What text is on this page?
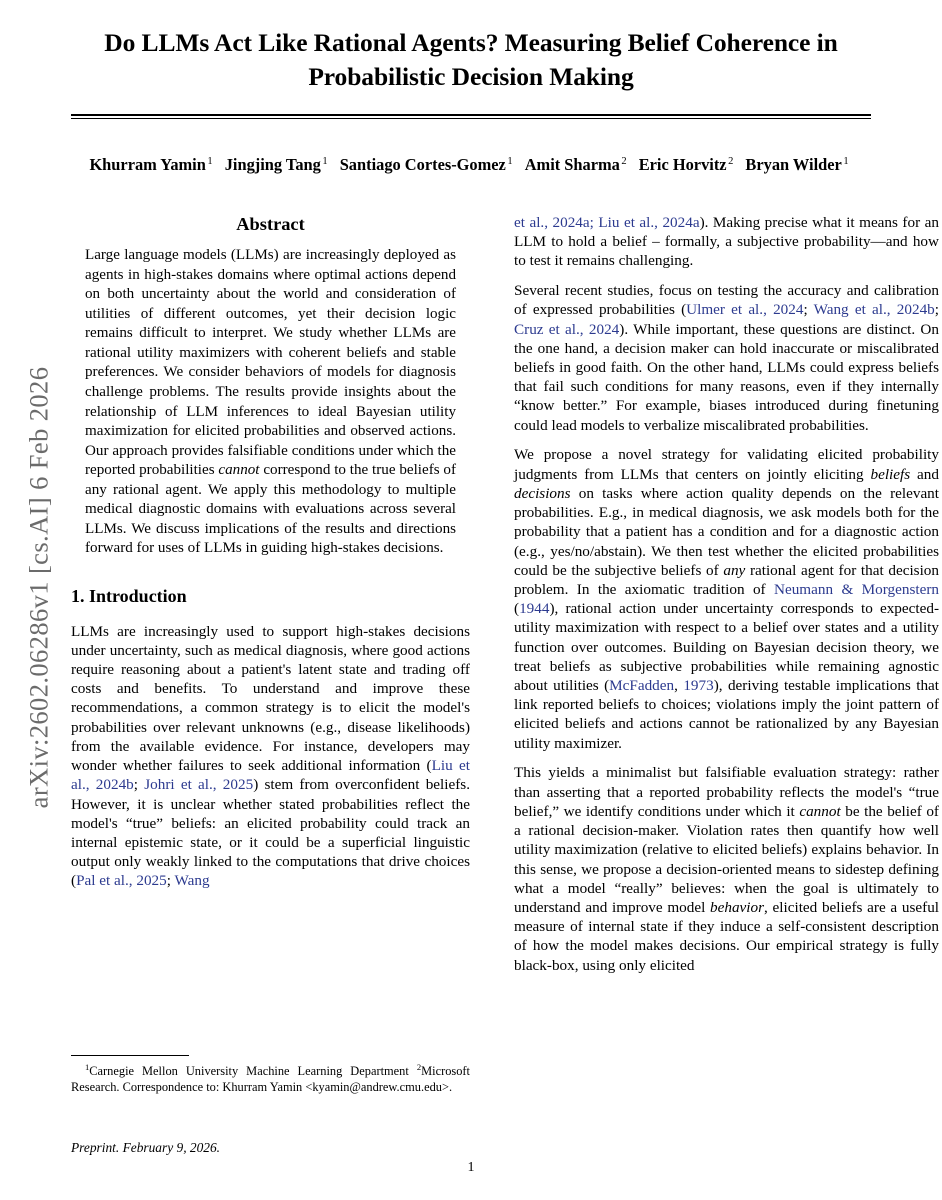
arXiv:2602.06286v1 [cs.AI] 6 Feb 2026
Do LLMs Act Like Rational Agents? Measuring Belief Coherence in Probabilistic Decision Making
Khurram Yamin $^1$ Jingjing Tang $^1$ Santiago Cortes-Gomez $^1$ Amit Sharma $^2$ Eric Horvitz $^2$ Bryan Wilder $^1$
Abstract

Large language models (LLMs) are increasingly deployed as agents in high-stakes domains where optimal actions depend on both uncertainty about the world and consideration of utilities of different outcomes, yet their decision logic remains difficult to interpret. We study whether LLMs are rational utility maximizers with coherent beliefs and stable preferences. We consider behaviors of models for diagnosis challenge problems. The results provide insights about the relationship of LLM inferences to ideal Bayesian utility maximization for elicited probabilities and observed actions. Our approach provides falsifiable conditions under which the reported probabilities cannot correspond to the true beliefs of any rational agent. We apply this methodology to multiple medical diagnostic domains with evaluations across several LLMs. We discuss implications of the results and directions forward for uses of LLMs in guiding high-stakes decisions.

1. Introduction

LLMs are increasingly used to support high-stakes decisions under uncertainty, such as medical diagnosis, where good actions require reasoning about a patient's latent state and trading off costs and benefits. To understand and improve these recommendations, a common strategy is to elicit the model's probabilities over relevant unknowns (e.g., disease likelihoods) from the available evidence. For instance, developers may wonder whether failures to seek additional information (Liu et al., 2024b; Johri et al., 2025) stem from overconfident beliefs. However, it is unclear whether stated probabilities reflect the model's “true” beliefs: an elicited probability could track an internal epistemic state, or it could be a superficial linguistic output only weakly linked to the computations that drive choices (Pal et al., 2025; Wang

et al., 2024a; Liu et al., 2024a). Making precise what it means for an LLM to hold a belief – formally, a subjective probability—and how to test it remains challenging.

Several recent studies, focus on testing the accuracy and calibration of expressed probabilities (Ulmer et al., 2024; Wang et al., 2024b; Cruz et al., 2024). While important, these questions are distinct. On the one hand, a decision maker can hold inaccurate or miscalibrated beliefs in good faith. On the other hand, LLMs could express beliefs that fail such conditions for many reasons, even if they internally “know better.” For example, biases introduced during finetuning could lead models to verbalize miscalibrated probabilities.

We propose a novel strategy for validating elicited probability judgments from LLMs that centers on jointly eliciting beliefs and decisions on tasks where action quality depends on the relevant probabilities. E.g., in medical diagnosis, we ask models both for the probability that a patient has a condition and for a diagnostic action (e.g., yes/no/abstain). We then test whether the elicited probabilities could be the subjective beliefs of any rational agent for that decision problem. In the axiomatic tradition of Neumann & Morgenstern (1944), rational action under uncertainty corresponds to expected-utility maximization with respect to a belief over states and a utility function over outcomes. Building on Bayesian decision theory, we treat beliefs as subjective probabilities while remaining agnostic about utilities (McFadden, 1973), deriving testable implications that link reported beliefs to choices; violations imply the joint pattern of elicited beliefs and actions cannot be rationalized by any Bayesian utility maximizer.

This yields a minimalist but falsifiable evaluation strategy: rather than asserting that a reported probability reflects the model's “true belief,” we identify conditions under which it cannot be the belief of a rational decision-maker. Violation rates then quantify how well utility maximization (relative to elicited beliefs) explains behavior. In this sense, we propose a decision-oriented means to sidestep defining what a model “really” believes: when the goal is ultimately to understand and improve model behavior, elicited beliefs are a useful measure of internal state if they induce a self-consistent description of how the model makes decisions. Our empirical strategy is fully black-box, using only elicited

$^1$Carnegie Mellon University Machine Learning Department $^2$Microsoft Research. Correspondence to: Khurram Yamin <kyamin@andrew.cmu.edu>.

Preprint. February 9, 2026.
1
